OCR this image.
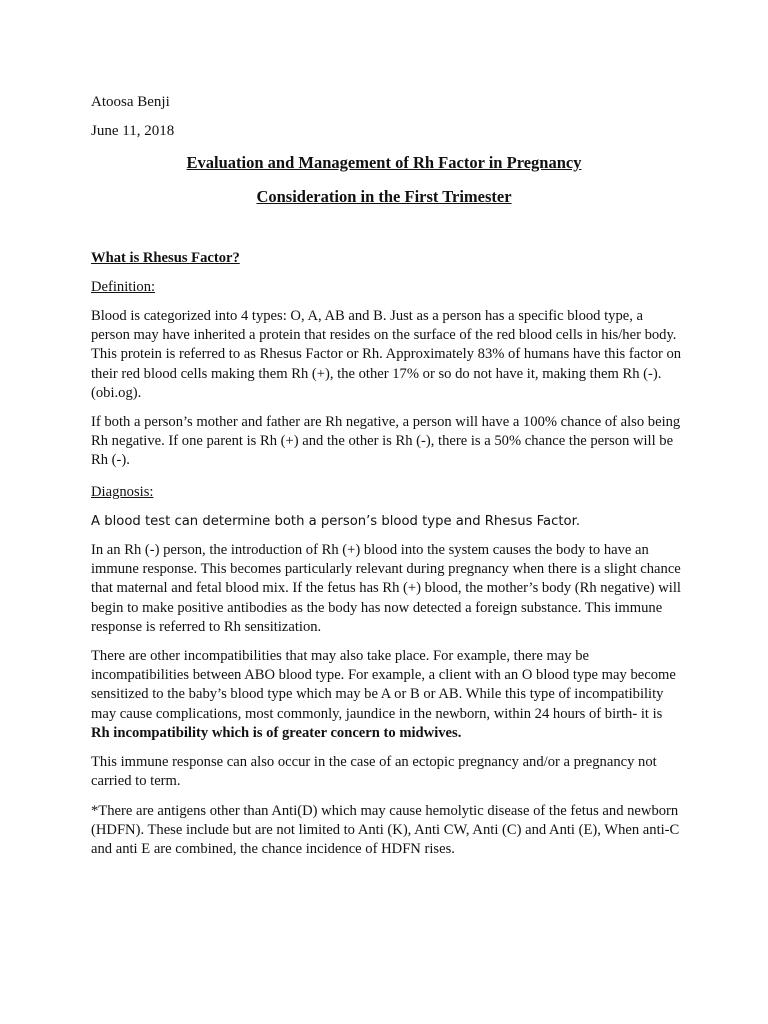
Atoosa Benji
June 11, 2018
Evaluation and Management of Rh Factor in Pregnancy
Consideration in the First Trimester
What is Rhesus Factor?
Definition:

Blood is categorized into 4 types: O, A, AB and B. Just as a person has a specific blood type, a person may have inherited a protein that resides on the surface of the red blood cells in his/her body. This protein is referred to as Rhesus Factor or Rh. Approximately 83% of humans have this factor on their red blood cells making them Rh (+), the other 17% or so do not have it, making them Rh (-). (obi.og).

If both a person’s mother and father are Rh negative, a person will have a 100% chance of also being Rh negative. If one parent is Rh (+) and the other is Rh (-), there is a 50% chance the person will be Rh (-).

Diagnosis:

A blood test can determine both a person’s blood type and Rhesus Factor.

In an Rh (-) person, the introduction of Rh (+) blood into the system causes the body to have an immune response. This becomes particularly relevant during pregnancy when there is a slight chance that maternal and fetal blood mix. If the fetus has Rh (+) blood, the mother’s body (Rh negative) will begin to make positive antibodies as the body has now detected a foreign substance. This immune response is referred to Rh sensitization.

There are other incompatibilities that may also take place. For example, there may be incompatibilities between ABO blood type. For example, a client with an O blood type may become sensitized to the baby’s blood type which may be A or B or AB. While this type of incompatibility may cause complications, most commonly, jaundice in the newborn, within 24 hours of birth- it is Rh incompatibility which is of greater concern to midwives.

This immune response can also occur in the case of an ectopic pregnancy and/or a pregnancy not carried to term.

*There are antigens other than Anti(D) which may cause hemolytic disease of the fetus and newborn (HDFN). These include but are not limited to Anti (K), Anti CW, Anti (C) and Anti (E), When anti-C and anti E are combined, the chance incidence of HDFN rises.
